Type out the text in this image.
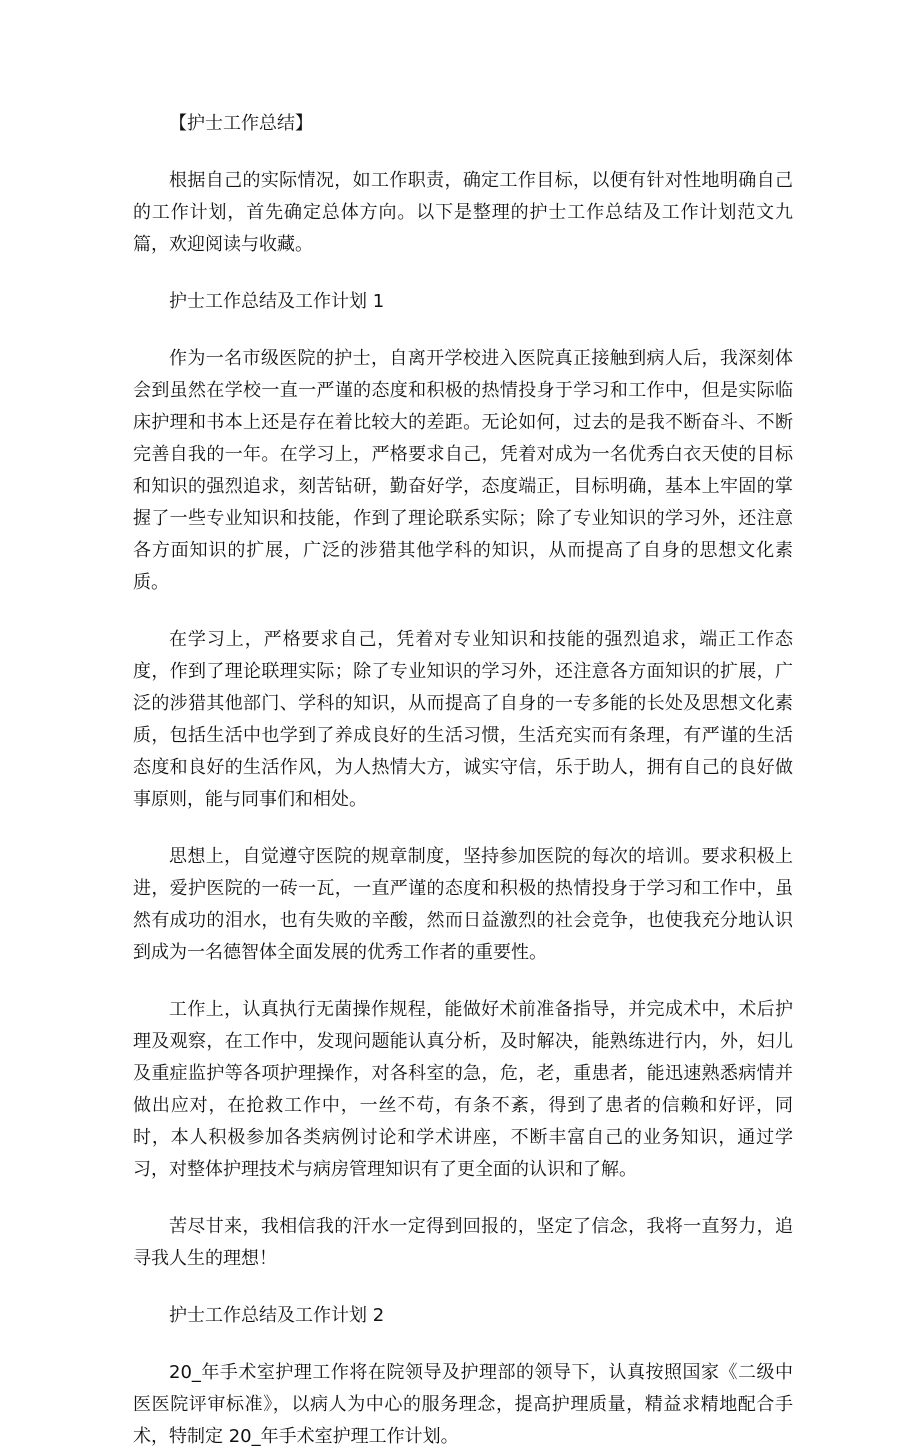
【护士工作总结】

根据自己的实际情况，如工作职责，确定工作目标，以便有针对性地明确自己的工作计划，首先确定总体方向。以下是整理的护士工作总结及工作计划范文九篇，欢迎阅读与收藏。

护士工作总结及工作计划 1

作为一名市级医院的护士，自离开学校进入医院真正接触到病人后，我深刻体会到虽然在学校一直一严谨的态度和积极的热情投身于学习和工作中，但是实际临床护理和书本上还是存在着比较大的差距。无论如何，过去的是我不断奋斗、不断完善自我的一年。在学习上，严格要求自己，凭着对成为一名优秀白衣天使的目标和知识的强烈追求，刻苦钻研，勤奋好学，态度端正，目标明确，基本上牢固的掌握了一些专业知识和技能，作到了理论联系实际；除了专业知识的学习外，还注意各方面知识的扩展，广泛的涉猎其他学科的知识，从而提高了自身的思想文化素质。

在学习上，严格要求自己，凭着对专业知识和技能的强烈追求，端正工作态度，作到了理论联理实际；除了专业知识的学习外，还注意各方面知识的扩展，广泛的涉猎其他部门、学科的知识，从而提高了自身的一专多能的长处及思想文化素质，包括生活中也学到了养成良好的生活习惯，生活充实而有条理，有严谨的生活态度和良好的生活作风，为人热情大方，诚实守信，乐于助人，拥有自己的良好做事原则，能与同事们和相处。

思想上，自觉遵守医院的规章制度，坚持参加医院的每次的培训。要求积极上进，爱护医院的一砖一瓦，一直严谨的态度和积极的热情投身于学习和工作中，虽然有成功的泪水，也有失败的辛酸，然而日益激烈的社会竞争，也使我充分地认识到成为一名德智体全面发展的优秀工作者的重要性。

工作上，认真执行无菌操作规程，能做好术前准备指导，并完成术中，术后护理及观察，在工作中，发现问题能认真分析，及时解决，能熟练进行内，外，妇儿及重症监护等各项护理操作，对各科室的急，危，老，重患者，能迅速熟悉病情并做出应对，在抢救工作中，一丝不苟，有条不紊，得到了患者的信赖和好评，同时，本人积极参加各类病例讨论和学术讲座，不断丰富自己的业务知识，通过学习，对整体护理技术与病房管理知识有了更全面的认识和了解。

苦尽甘来，我相信我的汗水一定得到回报的，坚定了信念，我将一直努力，追寻我人生的理想！

护士工作总结及工作计划 2

20_年手术室护理工作将在院领导及护理部的领导下，认真按照国家《二级中医医院评审标准》，以病人为中心的服务理念，提高护理质量，精益求精地配合手术，特制定 20_年手术室护理工作计划。
